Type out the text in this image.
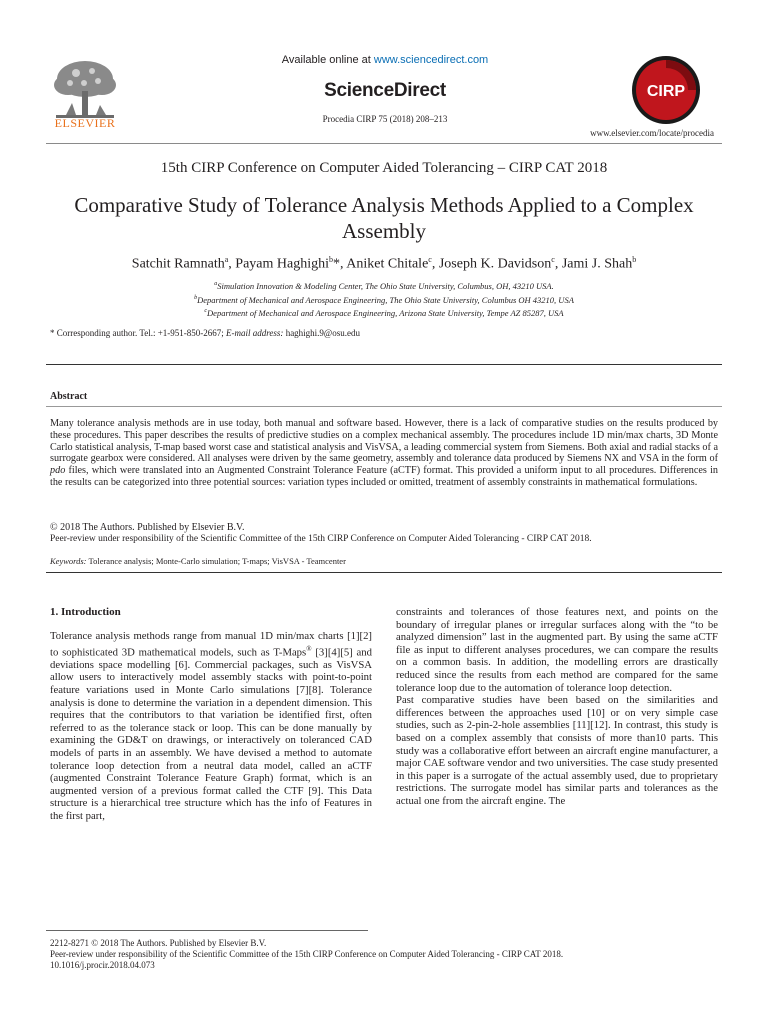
ELSEVIER
Available online at www.sciencedirect.com
ScienceDirect
Procedia CIRP 75 (2018) 208–213
CIRP
www.elsevier.com/locate/procedia
15th CIRP Conference on Computer Aided Tolerancing – CIRP CAT 2018
Comparative Study of Tolerance Analysis Methods Applied to a Complex Assembly
Satchit Ramnath$^a$, Payam Haghighi$^b$*, Aniket Chitale$^c$, Joseph K. Davidson$^c$, Jami J. Shah$^b$
$^a$Simulation Innovation & Modeling Center, The Ohio State University, Columbus, OH, 43210 USA.
$^b$Department of Mechanical and Aerospace Engineering, The Ohio State University, Columbus OH 43210, USA
$^c$Department of Mechanical and Aerospace Engineering, Arizona State University, Tempe AZ 85287, USA
* Corresponding author. Tel.: +1-951-850-2667; E-mail address: haghighi.9@osu.edu
Abstract
Many tolerance analysis methods are in use today, both manual and software based. However, there is a lack of comparative studies on the results produced by these procedures. This paper describes the results of predictive studies on a complex mechanical assembly. The procedures include 1D min/max charts, 3D Monte Carlo statistical analysis, T-map based worst case and statistical analysis and VisVSA, a leading commercial system from Siemens. Both axial and radial stacks of a surrogate gearbox were considered. All analyses were driven by the same geometry, assembly and tolerance data produced by Siemens NX and VSA in the form of pdo files, which were translated into an Augmented Constraint Tolerance Feature (aCTF) format. This provided a uniform input to all procedures. Differences in the results can be categorized into three potential sources: variation types included or omitted, treatment of assembly constraints in mathematical formulations.
© 2018 The Authors. Published by Elsevier B.V.
Peer-review under responsibility of the Scientific Committee of the 15th CIRP Conference on Computer Aided Tolerancing - CIRP CAT 2018.
Keywords: Tolerance analysis; Monte-Carlo simulation; T-maps; VisVSA - Teamcenter
1. Introduction

Tolerance analysis methods range from manual 1D min/max charts [1][2] to sophisticated 3D mathematical models, such as T-Maps® [3][4][5] and deviations space modelling [6]. Commercial packages, such as VisVSA allow users to interactively model assembly stacks with point-to-point feature variations used in Monte Carlo simulations [7][8]. Tolerance analysis is done to determine the variation in a dependent dimension. This requires that the contributors to that variation be identified first, often referred to as the tolerance stack or loop. This can be done manually by examining the GD&T on drawings, or interactively on toleranced CAD models of parts in an assembly. We have devised a method to automate tolerance loop detection from a neutral data model, called an aCTF (augmented Constraint Tolerance Feature Graph) format, which is an augmented version of a previous format called the CTF [9]. This Data structure is a hierarchical tree structure which has the info of Features in the first part,

constraints and tolerances of those features next, and points on the boundary of irregular planes or irregular surfaces along with the “to be analyzed dimension” last in the augmented part. By using the same aCTF file as input to different analyses procedures, we can compare the results on a common basis. In addition, the modelling errors are drastically reduced since the results from each method are compared for the same tolerance loop due to the automation of tolerance loop detection.

Past comparative studies have been based on the similarities and differences between the approaches used [10] or on very simple case studies, such as 2-pin-2-hole assemblies [11][12]. In contrast, this study is based on a complex assembly that consists of more than10 parts. This study was a collaborative effort between an aircraft engine manufacturer, a major CAE software vendor and two universities. The case study presented in this paper is a surrogate of the actual assembly used, due to proprietary restrictions. The surrogate model has similar parts and tolerances as the actual one from the aircraft engine. The

2212-8271 © 2018 The Authors. Published by Elsevier B.V.
Peer-review under responsibility of the Scientific Committee of the 15th CIRP Conference on Computer Aided Tolerancing - CIRP CAT 2018.
10.1016/j.procir.2018.04.073
